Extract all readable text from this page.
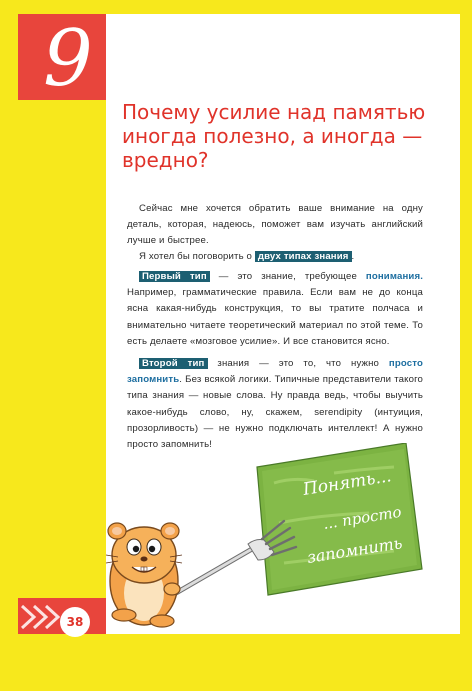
9
Почему усилие над памятью
иногда полезно, а иногда —
вредно?
Сейчас мне хочется обратить ваше внимание на одну деталь, которая, надеюсь, поможет вам изучать английский лучше и быстрее.
Я хотел бы поговорить о двух типах знания .
Первый тип — это знание, требующее понимания. Например, грамматические правила. Если вам не до конца ясна какая-нибудь конструкция, то вы тратите полчаса и внимательно читаете теоретический материал по этой теме. То есть делаете «мозговое усилие». И все становится ясно.
Второй тип знания — это то, что нужно просто запомнить. Без всякой логики. Типичные представители такого типа знания — новые слова. Ну правда ведь, чтобы выучить какое-нибудь слово, ну, скажем, serendipity (интуиция, прозорливость) — не нужно подключать интеллект! А нужно просто запомнить!
Понять...
... просто
запомнить
38
